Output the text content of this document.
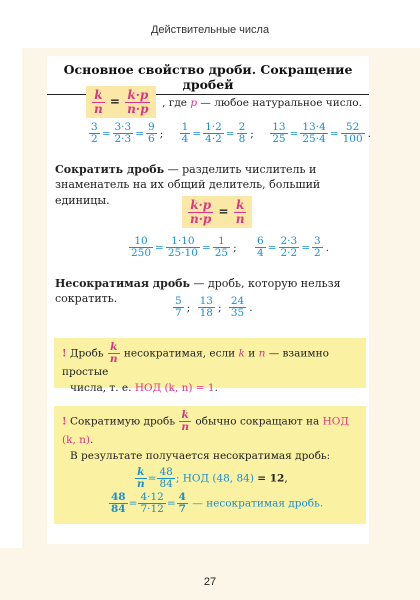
Действительные числа
Основное свойство дроби. Сокращение дробей
$\frac{k}{n} = \frac{k\cdot p}{n\cdot p}$ , где p — любое натуральное число.
$\frac{3}{2} = \frac{3\cdot 3}{2\cdot 3} = \frac{9}{6}$ ; $\frac{1}{4} = \frac{1\cdot 2}{4\cdot 2} = \frac{2}{8}$ ; $\frac{13}{25} = \frac{13\cdot 4}{25\cdot 4} = \frac{52}{100}$ .
Сократить дробь — разделить числитель и знаменатель на их общий делитель, больший единицы.	$\frac{k\cdot p}{n\cdot p} = \frac{k}{n}$
$\frac{10}{250} = \frac{1\cdot 10}{25\cdot 10} = \frac{1}{25}$ ; $\frac{6}{4} = \frac{2\cdot 3}{2\cdot 2} = \frac{3}{2}$ .
Несократимая дробь — дробь, которую нельзя сократить.	$\frac{5}{7}$ ; $\frac{13}{18}$ ; $\frac{24}{35}$ .
! Дробь $\frac{k}{n}$ несократимая, если k и n — взаимно простые
числа, т. е. НОД (k, n) = 1.
! Сократимую дробь $\frac{k}{n}$ обычно сокращают на НОД (k, n).
В результате получается несократимая дробь:
$\frac{k}{n} = \frac{48}{84}$ ; НОД (48, 84) = 12,
$\frac{48}{84} = \frac{4\cdot 12}{7\cdot 12} = \frac{4}{7}$ — несократимая дробь.
27
